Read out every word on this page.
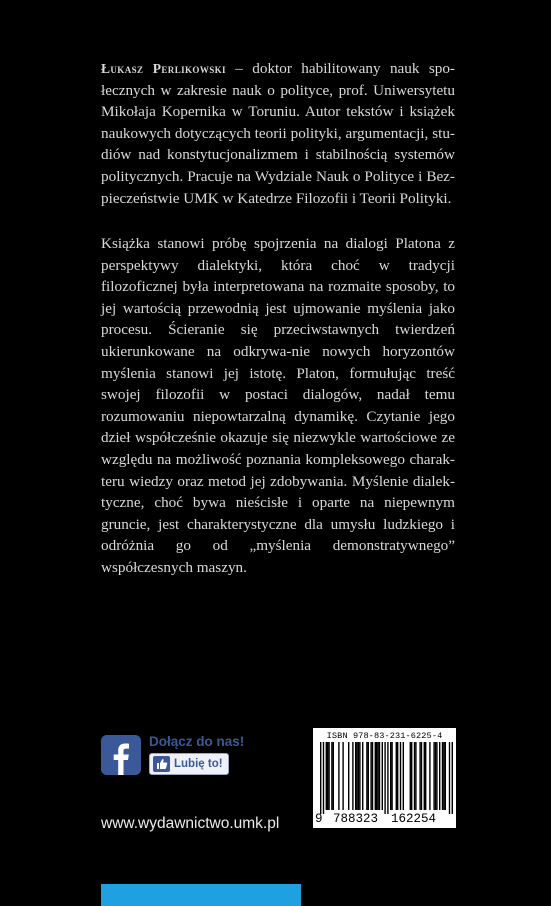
Łukasz Perlikowski – doktor habilitowany nauk spo- łecznych w zakresie nauk o polityce, prof. Uniwersytetu Mikołaja Kopernika w Toruniu. Autor tekstów i książek naukowych dotyczących teorii polityki, argumentacji, stu-diów nad konstytucjonalizmem i stabilnością systemów politycznych. Pracuje na Wydziale Nauk o Polityce i Bez-pieczeństwie UMK w Katedrze Filozofii i Teorii Polityki.
Książka stanowi próbę spojrzenia na dialogi Platona z perspektywy dialektyki, która choć w tradycji filozoficznej była interpretowana na rozmaite sposoby, to jej wartością przewodnią jest ujmowanie myślenia jako procesu. Ścieranie się przeciwstawnych twierdzeń ukierunkowane na odkrywa-nie nowych horyzontów myślenia stanowi jej istotę. Platon, formułując treść swojej filozofii w postaci dialogów, nadał temu rozumowaniu niepowtarzalną dynamikę. Czytanie jego dzieł współcześnie okazuje się niezwykle wartościowe ze względu na możliwość poznania kompleksowego charak-teru wiedzy oraz metod jej zdobywania. Myślenie dialek-tyczne, choć bywa nieścisłe i oparte na niepewnym gruncie, jest charakterystyczne dla umysłu ludzkiego i odróżnia go od „myślenia demonstratywnego” współczesnych maszyn.
Dołącz do nas!
Lubię to!
www.wydawnictwo.umk.pl
ISBN 978-83-231-6225-4
9 788323 162254
